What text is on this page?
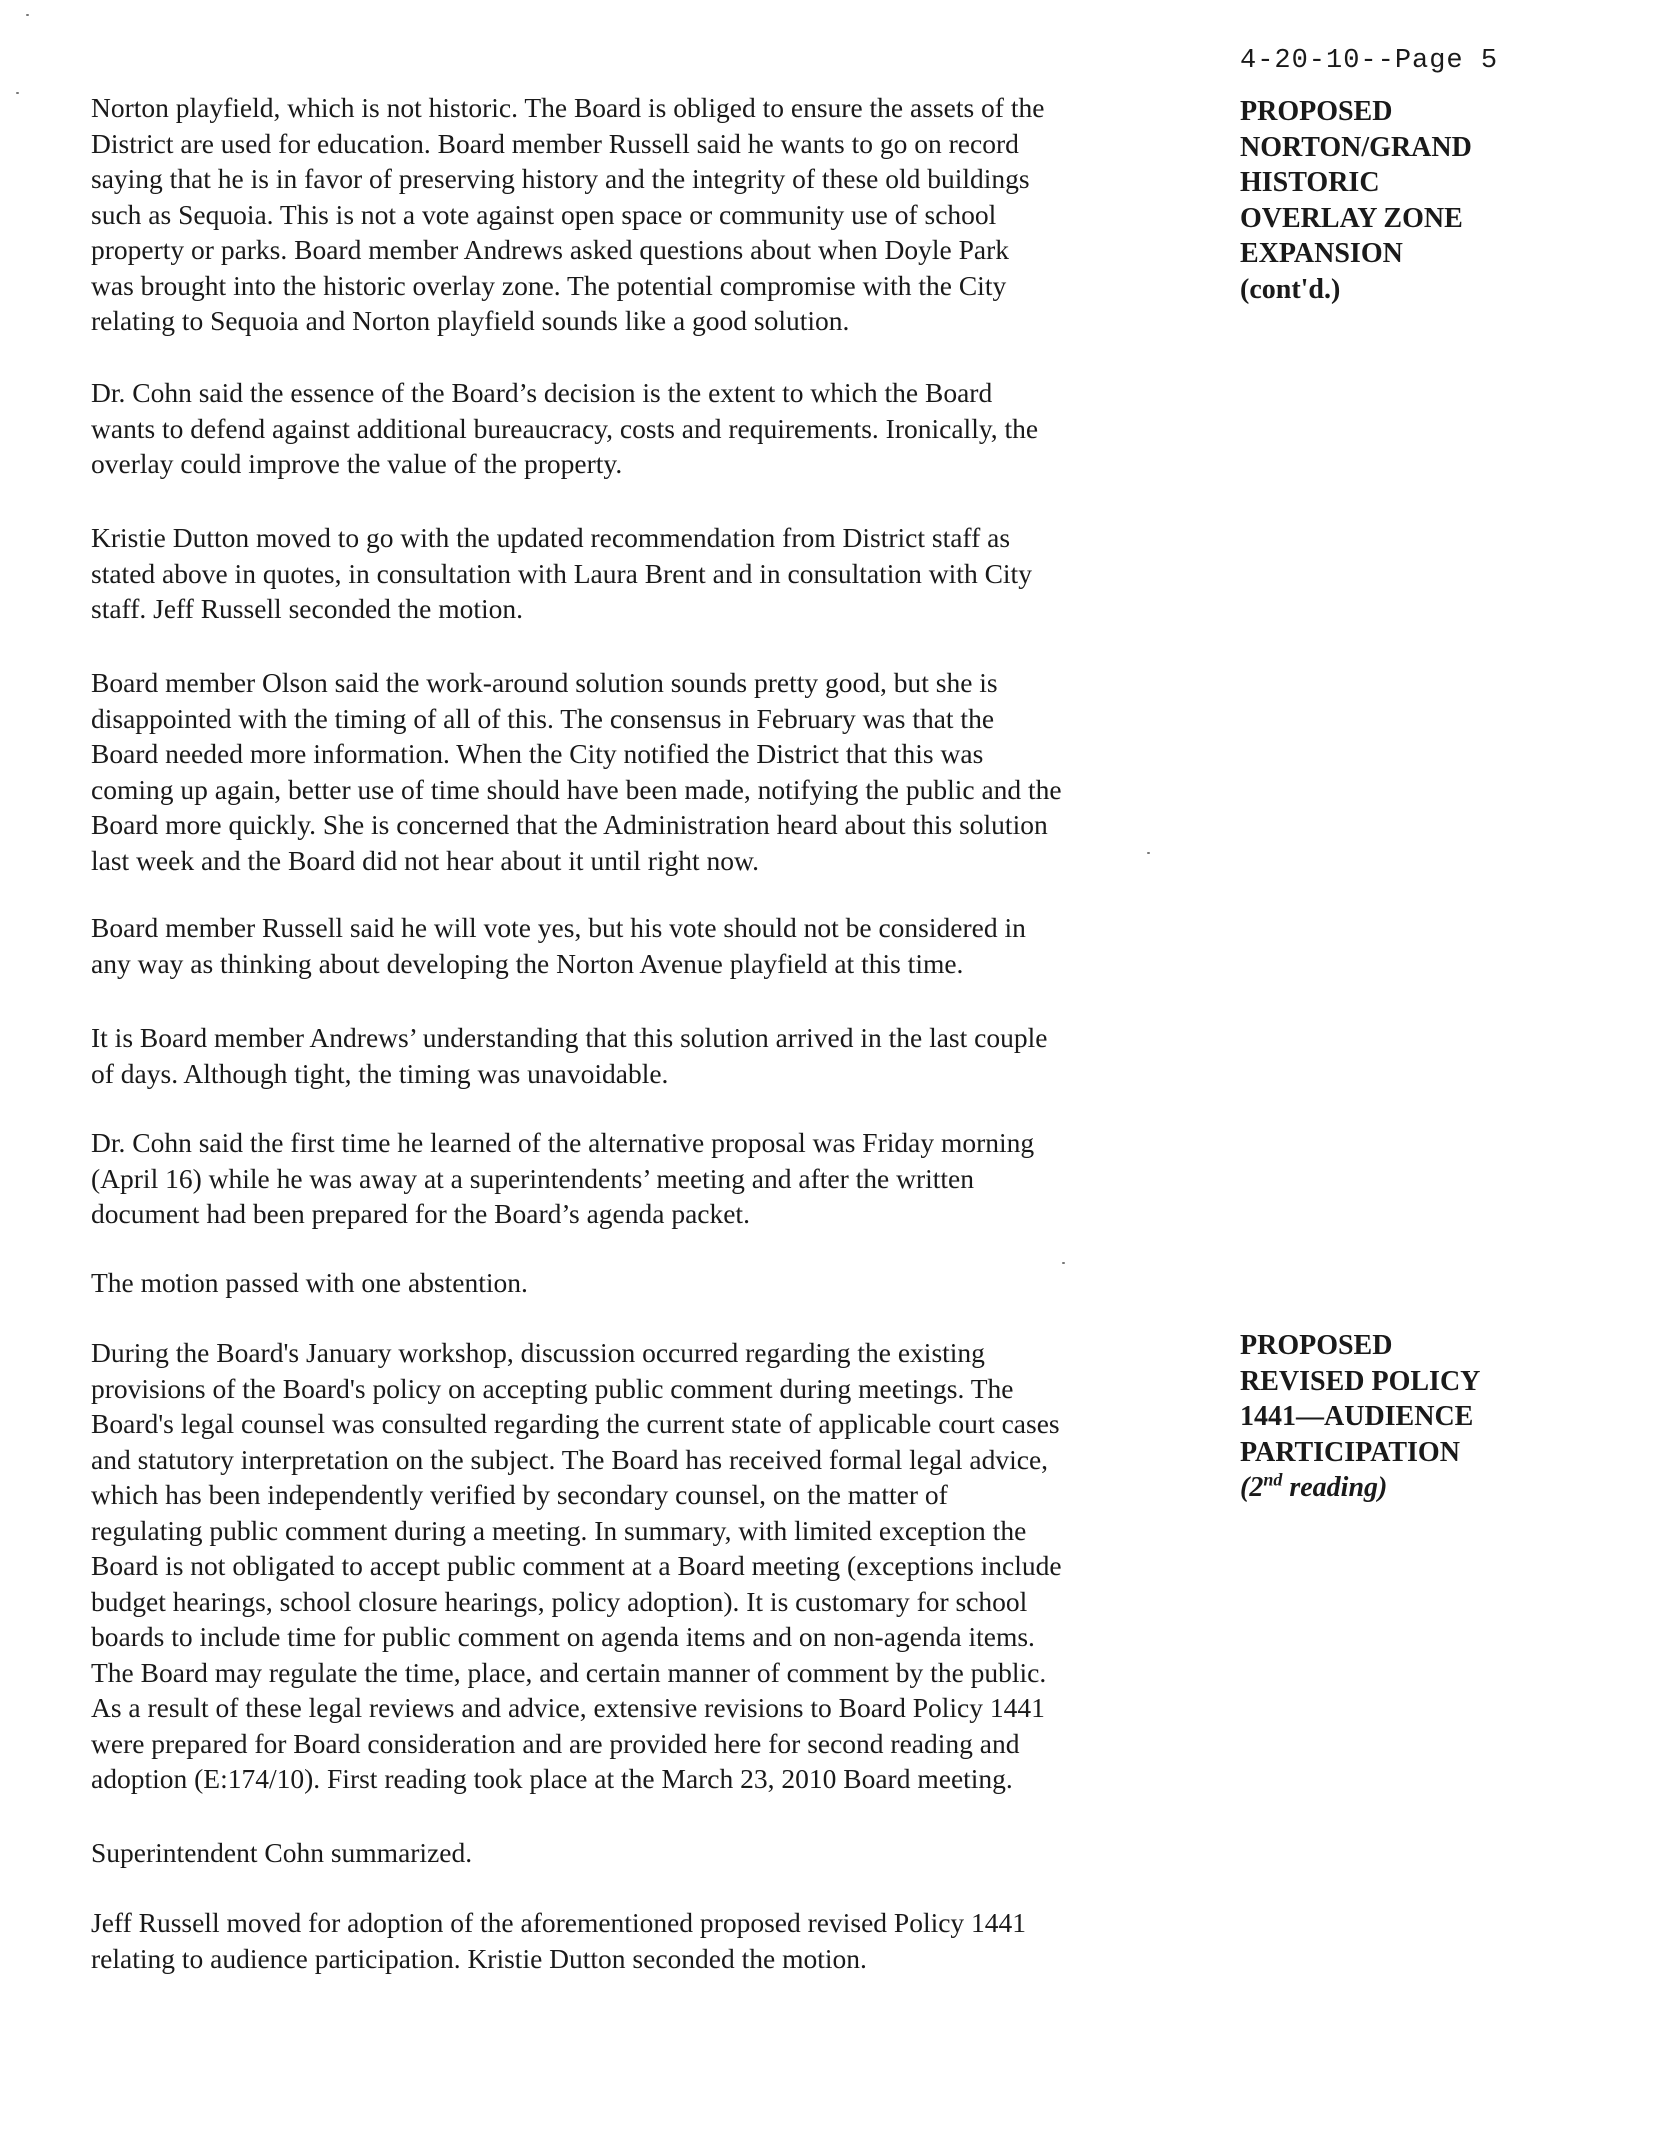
4-20-10--Page 5
PROPOSED
NORTON/GRAND
HISTORIC
OVERLAY ZONE
EXPANSION
(cont'd.)
PROPOSED
REVISED POLICY
1441—AUDIENCE
PARTICIPATION
(2nd reading)
Norton playfield, which is not historic. The Board is obliged to ensure the assets of the
District are used for education. Board member Russell said he wants to go on record
saying that he is in favor of preserving history and the integrity of these old buildings
such as Sequoia. This is not a vote against open space or community use of school
property or parks. Board member Andrews asked questions about when Doyle Park
was brought into the historic overlay zone. The potential compromise with the City
relating to Sequoia and Norton playfield sounds like a good solution.
Dr. Cohn said the essence of the Board’s decision is the extent to which the Board
wants to defend against additional bureaucracy, costs and requirements. Ironically, the
overlay could improve the value of the property.
Kristie Dutton moved to go with the updated recommendation from District staff as
stated above in quotes, in consultation with Laura Brent and in consultation with City
staff. Jeff Russell seconded the motion.
Board member Olson said the work-around solution sounds pretty good, but she is
disappointed with the timing of all of this. The consensus in February was that the
Board needed more information. When the City notified the District that this was
coming up again, better use of time should have been made, notifying the public and the
Board more quickly. She is concerned that the Administration heard about this solution
last week and the Board did not hear about it until right now.
Board member Russell said he will vote yes, but his vote should not be considered in
any way as thinking about developing the Norton Avenue playfield at this time.
It is Board member Andrews’ understanding that this solution arrived in the last couple
of days. Although tight, the timing was unavoidable.
Dr. Cohn said the first time he learned of the alternative proposal was Friday morning
(April 16) while he was away at a superintendents’ meeting and after the written
document had been prepared for the Board’s agenda packet.
The motion passed with one abstention.
During the Board's January workshop, discussion occurred regarding the existing
provisions of the Board's policy on accepting public comment during meetings. The
Board's legal counsel was consulted regarding the current state of applicable court cases
and statutory interpretation on the subject. The Board has received formal legal advice,
which has been independently verified by secondary counsel, on the matter of
regulating public comment during a meeting. In summary, with limited exception the
Board is not obligated to accept public comment at a Board meeting (exceptions include
budget hearings, school closure hearings, policy adoption). It is customary for school
boards to include time for public comment on agenda items and on non-agenda items.
The Board may regulate the time, place, and certain manner of comment by the public.
As a result of these legal reviews and advice, extensive revisions to Board Policy 1441
were prepared for Board consideration and are provided here for second reading and
adoption (E:174/10). First reading took place at the March 23, 2010 Board meeting.
Superintendent Cohn summarized.
Jeff Russell moved for adoption of the aforementioned proposed revised Policy 1441
relating to audience participation. Kristie Dutton seconded the motion.
